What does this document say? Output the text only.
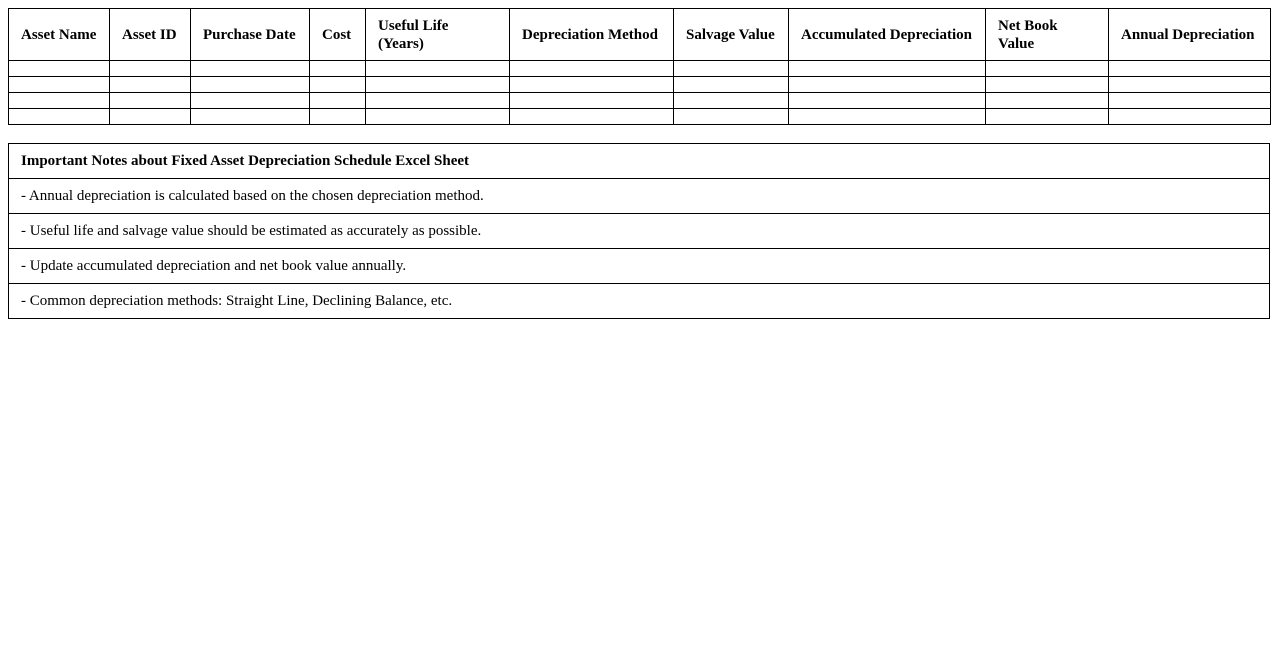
Asset Name	Asset ID	Purchase Date	Cost	Useful Life (Years)	Depreciation Method	Salvage Value	Accumulated Depreciation	Net Book Value	Annual Depreciation

Important Notes about Fixed Asset Depreciation Schedule Excel Sheet
- Annual depreciation is calculated based on the chosen depreciation method.
- Useful life and salvage value should be estimated as accurately as possible.
- Update accumulated depreciation and net book value annually.
- Common depreciation methods: Straight Line, Declining Balance, etc.
